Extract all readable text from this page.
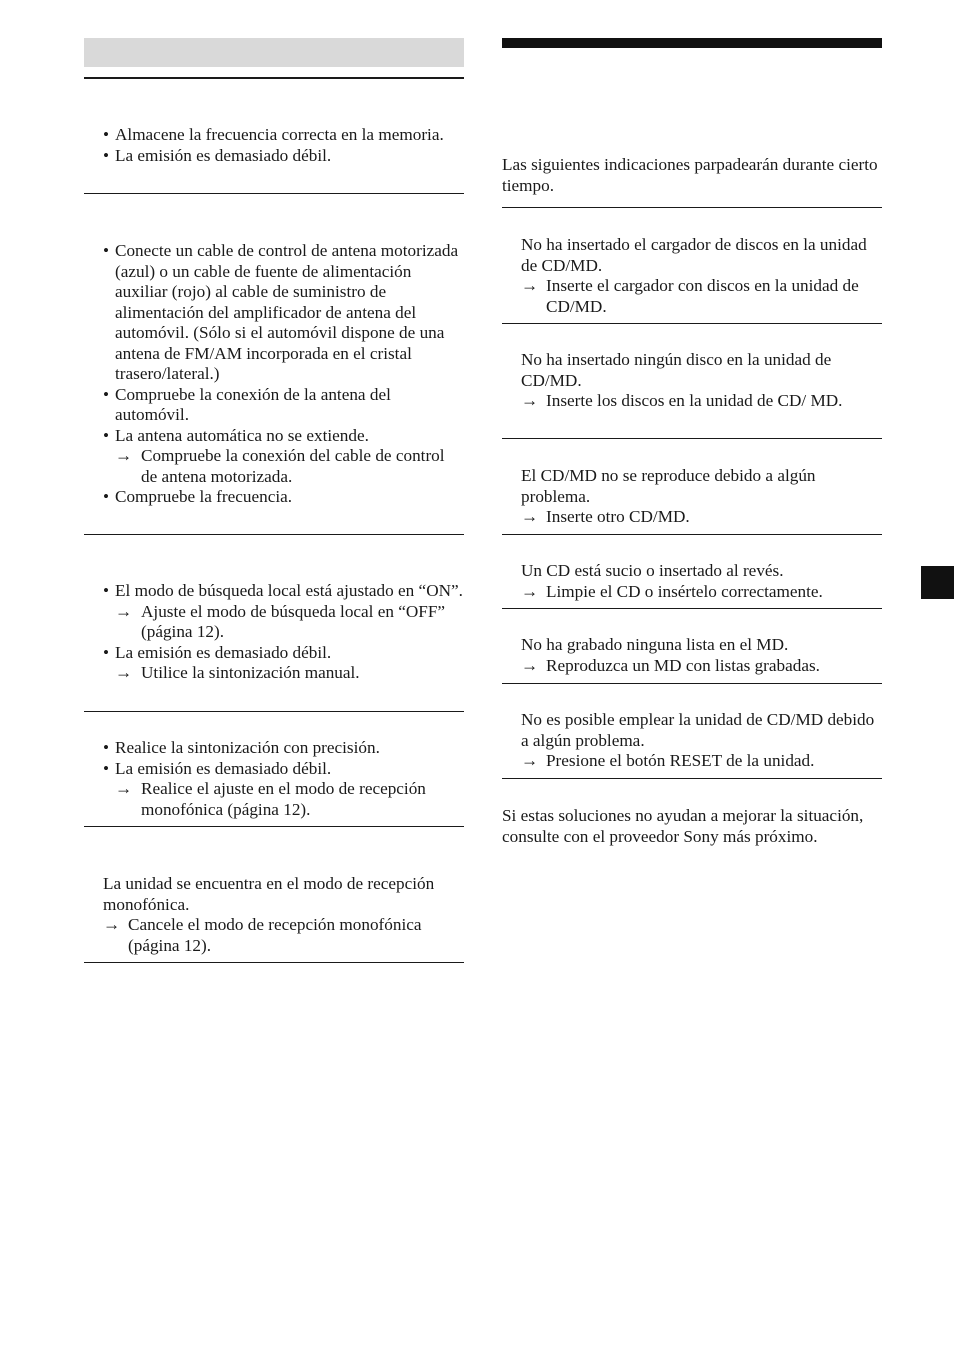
• Almacene la frecuencia correcta en la memoria.
• La emisión es demasiado débil.
• Conecte un cable de control de antena motorizada (azul) o un cable de fuente de alimentación auxiliar (rojo) al cable de suministro de alimentación del amplificador de antena del automóvil. (Sólo si el automóvil dispone de una antena de FM/AM incorporada en el cristal trasero/lateral.)
• Compruebe la conexión de la antena del automóvil.
• La antena automática no se extiende.
→ Compruebe la conexión del cable de control de antena motorizada.
• Compruebe la frecuencia.
• El modo de búsqueda local está ajustado en “ON”.
→ Ajuste el modo de búsqueda local en “OFF” (página 12).
• La emisión es demasiado débil.
→ Utilice la sintonización manual.
• Realice la sintonización con precisión.
• La emisión es demasiado débil.
→ Realice el ajuste en el modo de recepción monofónica (página 12).
La unidad se encuentra en el modo de recepción monofónica.
→ Cancele el modo de recepción monofónica (página 12).
Las siguientes indicaciones parpadearán durante cierto tiempo.
No ha insertado el cargador de discos en la unidad de CD/MD.
→ Inserte el cargador con discos en la unidad de CD/MD.
No ha insertado ningún disco en la unidad de CD/MD.
→ Inserte los discos en la unidad de CD/ MD.
El CD/MD no se reproduce debido a algún problema.
→ Inserte otro CD/MD.
Un CD está sucio o insertado al revés.
→ Limpie el CD o insértelo correctamente.
No ha grabado ninguna lista en el MD.
→ Reproduzca un MD con listas grabadas.
No es posible emplear la unidad de CD/MD debido a algún problema.
→ Presione el botón RESET de la unidad.
Si estas soluciones no ayudan a mejorar la situación, consulte con el proveedor Sony más próximo.
